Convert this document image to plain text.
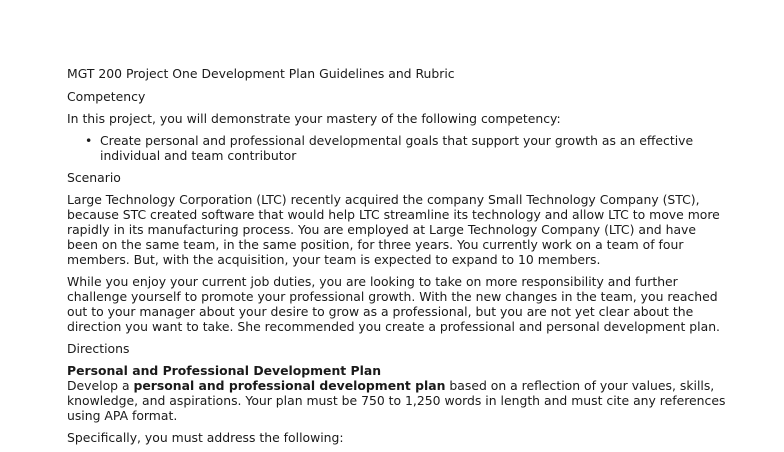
MGT 200 Project One Development Plan Guidelines and Rubric

Competency

In this project, you will demonstrate your mastery of the following competency:

• Create personal and professional developmental goals that support your growth as an effective individual and team contributor

Scenario

Large Technology Corporation (LTC) recently acquired the company Small Technology Company (STC), because STC created software that would help LTC streamline its technology and allow LTC to move more rapidly in its manufacturing process. You are employed at Large Technology Company (LTC) and have been on the same team, in the same position, for three years. You currently work on a team of four members. But, with the acquisition, your team is expected to expand to 10 members.

While you enjoy your current job duties, you are looking to take on more responsibility and further challenge yourself to promote your professional growth. With the new changes in the team, you reached out to your manager about your desire to grow as a professional, but you are not yet clear about the direction you want to take. She recommended you create a professional and personal development plan.

Directions

Personal and Professional Development Plan

Develop a personal and professional development plan based on a reflection of your values, skills, knowledge, and aspirations. Your plan must be 750 to 1,250 words in length and must cite any references using APA format.

Specifically, you must address the following:
